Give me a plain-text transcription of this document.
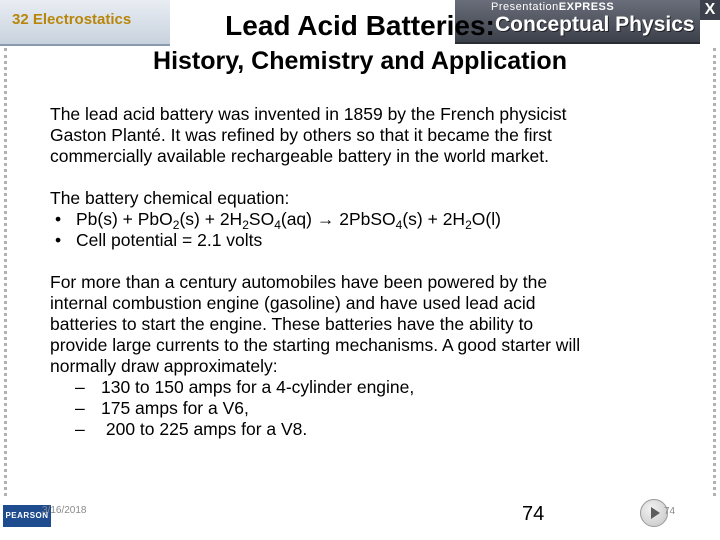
32 Electrostatics
PresentationEXPRESS
Conceptual Physics
X
Lead Acid Batteries:
History, Chemistry and Application
The lead acid battery was invented in 1859 by the French physicist
Gaston Planté. It was refined by others so that it became the first
commercially available rechargeable battery in the world market.
The battery chemical equation:
• $Pb(s) + PbO_2(s) + 2H_2SO_4(aq)$ → 2PbSO$_4$(s) + $2H_2O(l)$
• Cell potential = 2.1 volts
For more than a century automobiles have been powered by the
internal combustion engine (gasoline) and have used lead acid
batteries to start the engine. These batteries have the ability to
provide large currents to the starting mechanisms. A good starter will
normally draw approximately:
– 130 to 150 amps for a 4-cylinder engine,
– 175 amps for a V6,
– 200 to 225 amps for a V8.
PEARSON
3/16/2018	74	74
